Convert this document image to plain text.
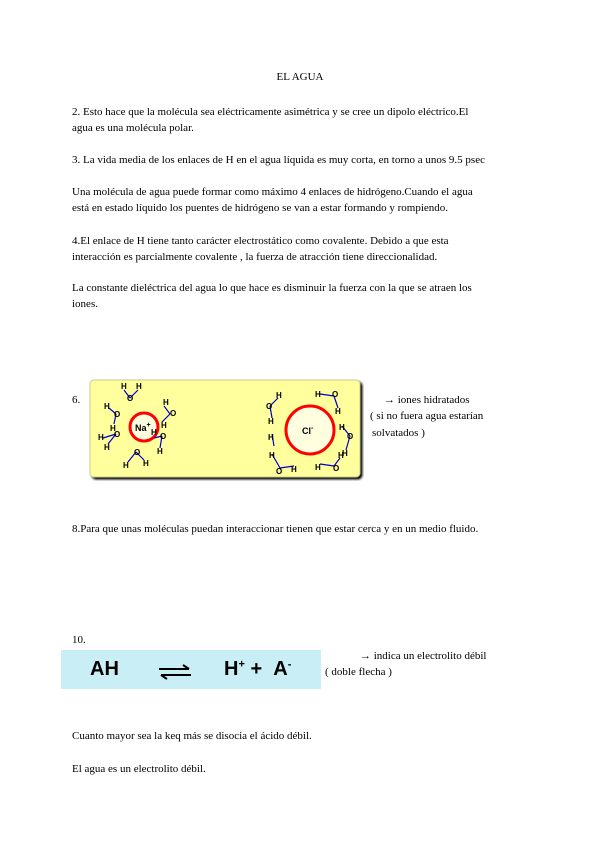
EL AGUA
2. Esto hace que la molécula sea eléctricamente asimétrica y se cree un dipolo eléctrico.El
agua es una molécula polar.
3. La vida media de los enlaces de H en el agua líquida es muy corta, en torno a unos 9.5 psec
Una molécula de agua puede formar como máximo 4 enlaces de hidrógeno.Cuando el agua
está en estado líquido los puentes de hidrógeno se van a estar formando y rompiendo.
4.El enlace de H tiene tanto carácter electrostático como covalente. Debido a que esta
interacción es parcialmente covalente , la fuerza de atracción tiene direccionalidad.
La constante dieléctrica del agua lo que hace es disminuir la fuerza con la que se atraen los
iones.
6.
Na+
H
O
H
H
O
H
H O
H
H
O
H
H O
H
H
O
H
Cl-
H
O
H
H O
H
H
O
H
H O
H
H
H
O H
→ iones hidratados
( si no fuera agua estarían
solvatados )
8.Para que unas moléculas puedan interaccionar tienen que estar cerca y en un medio fluido.
10.
AH	H+ +  A-
→ indica un electrolito débil
( doble flecha )
Cuanto mayor sea la keq más se disocia el ácido débil.
El agua es un electrolito débil.
